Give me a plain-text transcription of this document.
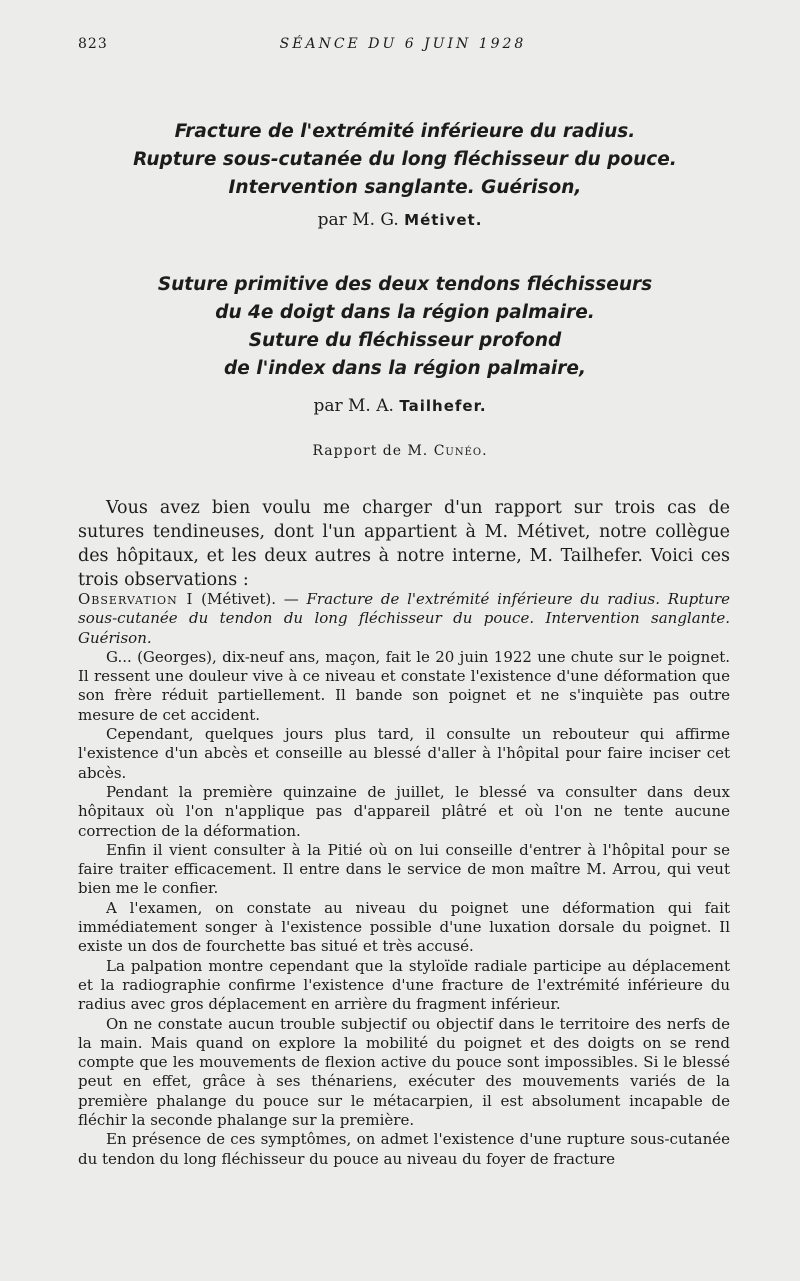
823	SÉANCE DU 6 JUIN 1928
Fracture de l'extrémité inférieure du radius.
Rupture sous-cutanée du long fléchisseur du pouce.
Intervention sanglante. Guérison,
par M. G. Métivet.
Suture primitive des deux tendons fléchisseurs
du 4e doigt dans la région palmaire.
Suture du fléchisseur profond
de l'index dans la région palmaire,
par M. A. Tailhefer.
Rapport de M. Cunéo.

Vous avez bien voulu me charger d'un rapport sur trois cas de sutures tendineuses, dont l'un appartient à M. Métivet, notre collègue des hôpitaux, et les deux autres à notre interne, M. Tailhefer. Voici ces trois observations :

Observation I (Métivet). — Fracture de l'extrémité inférieure du radius. Rupture sous-cutanée du tendon du long fléchisseur du pouce. Intervention sanglante. Guérison.

G... (Georges), dix-neuf ans, maçon, fait le 20 juin 1922 une chute sur le poignet. Il ressent une douleur vive à ce niveau et constate l'existence d'une déformation que son frère réduit partiellement. Il bande son poignet et ne s'inquiète pas outre mesure de cet accident.

Cependant, quelques jours plus tard, il consulte un rebouteur qui affirme l'existence d'un abcès et conseille au blessé d'aller à l'hôpital pour faire inciser cet abcès.

Pendant la première quinzaine de juillet, le blessé va consulter dans deux hôpitaux où l'on n'applique pas d'appareil plâtré et où l'on ne tente aucune correction de la déformation.

Enfin il vient consulter à la Pitié où on lui conseille d'entrer à l'hôpital pour se faire traiter efficacement. Il entre dans le service de mon maître M. Arrou, qui veut bien me le confier.

A l'examen, on constate au niveau du poignet une déformation qui fait immédiatement songer à l'existence possible d'une luxation dorsale du poignet. Il existe un dos de fourchette bas situé et très accusé.

La palpation montre cependant que la styloïde radiale participe au déplacement et la radiographie confirme l'existence d'une fracture de l'extrémité inférieure du radius avec gros déplacement en arrière du fragment inférieur.

On ne constate aucun trouble subjectif ou objectif dans le territoire des nerfs de la main. Mais quand on explore la mobilité du poignet et des doigts on se rend compte que les mouvements de flexion active du pouce sont impossibles. Si le blessé peut en effet, grâce à ses thénariens, exécuter des mouvements variés de la première phalange du pouce sur le métacarpien, il est absolument incapable de fléchir la seconde phalange sur la première.

En présence de ces symptômes, on admet l'existence d'une rupture sous-cutanée du tendon du long fléchisseur du pouce au niveau du foyer de fracture
